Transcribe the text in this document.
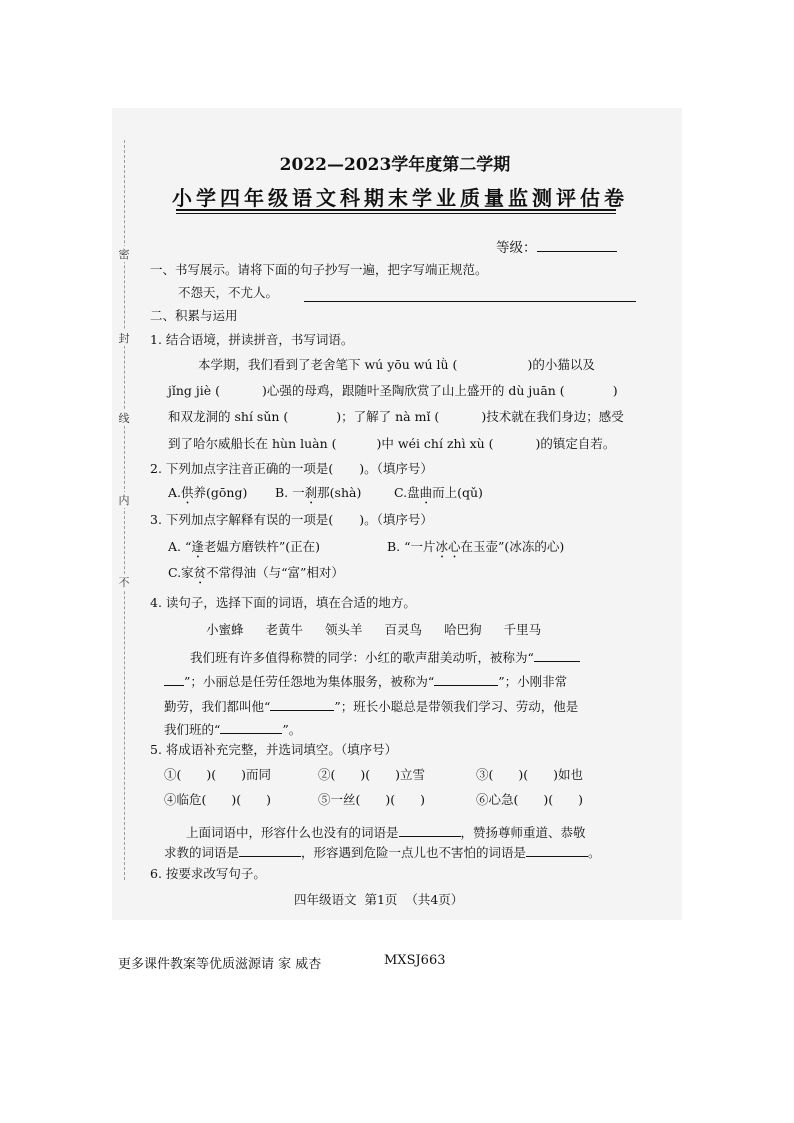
密
封
线
内
不
2022—2023学年度第二学期
小学四年级语文科期末学业质量监测评估卷
等级：
一、书写展示。请将下面的句子抄写一遍，把字写端正规范。
不怨天，不尤人。
二、积累与运用
1. 结合语境，拼读拼音，书写词语。
本学期，我们看到了老舍笔下 wú yōu wú lǜ (	)的小猫以及
jǐng jiè (	)心强的母鸡，跟随叶圣陶欣赏了山上盛开的 dù juān (	)
和双龙洞的 shí sǔn (	)；了解了 nà mǐ (	)技术就在我们身边；感受
到了哈尔威船长在 hùn luàn (	)中 wéi chí zhì xù (	)的镇定自若。
2. 下列加点字注音正确的一项是( )。（填序号）
A.供养(gōng) B. 一刹那(shà)	C.盘曲而上(qǔ)
3. 下列加点字解释有误的一项是( )。（填序号）
A. “逢老媪方磨铁杵”(正在)	B. “一片冰心在玉壶”(冰冻的心)
C.家贫不常得油（与“富”相对）
4. 读句子，选择下面的词语，填在合适的地方。
小蜜蜂 老黄牛 领头羊 百灵鸟 哈巴狗 千里马
我们班有许多值得称赞的同学：小红的歌声甜美动听，被称为“
”；小丽总是任劳任怨地为集体服务，被称为“	”；小刚非常
勤劳，我们都叫他“	”；班长小聪总是带领我们学习、劳动，他是
我们班的“	”。
5. 将成语补充完整，并选词填空。（填序号）
①(　　)(　　)而同	②(　　)(　　)立雪	③(　　)(　　)如也
④临危(　　)(　　)	⑤一丝(　　)(　　)	⑥心急(　　)(　　)
上面词语中，形容什么也没有的词语是	，赞扬尊师重道、恭敬
求教的词语是	，形容遇到危险一点儿也不害怕的词语是	。
6. 按要求改写句子。
四年级语文  第1页  （共4页）
更多课件教案等优质滋源请 家 威杏	MXSJ663
